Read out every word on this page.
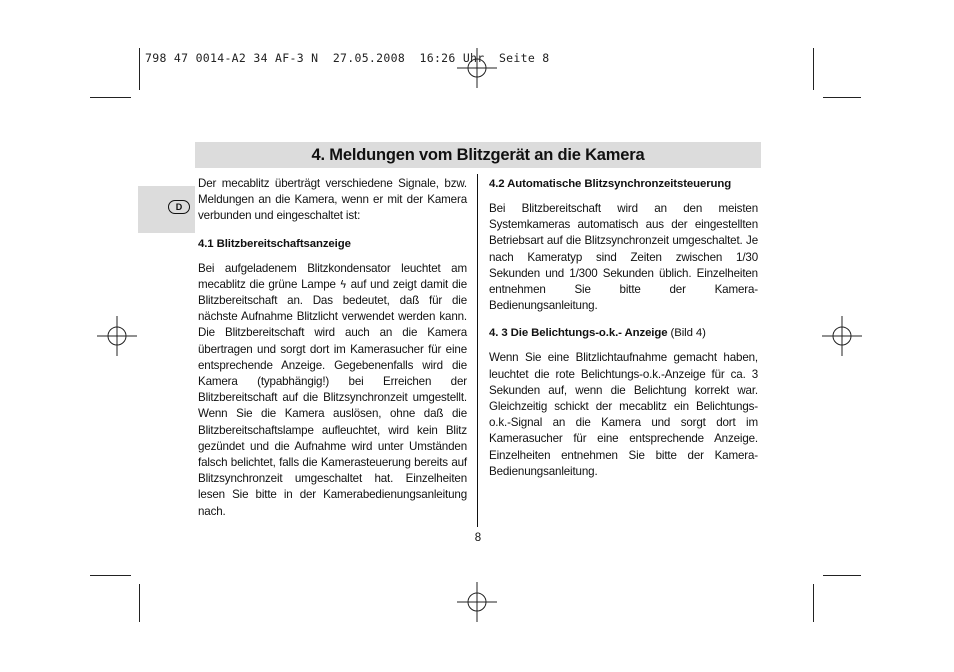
798 47 0014-A2 34 AF-3 N  27.05.2008  16:26 Uhr  Seite 8
4. Meldungen vom Blitzgerät an die Kamera
D

Der mecablitz überträgt verschiedene Signale, bzw. Meldungen an die Kamera, wenn er mit der Kamera verbunden und eingeschaltet ist:

4.1 Blitzbereitschaftsanzeige

Bei aufgeladenem Blitzkondensator leuchtet am mecablitz die grüne Lampe ϟ auf und zeigt damit die Blitzbereitschaft an. Das bedeutet, daß für die nächste Aufnahme Blitzlicht verwendet werden kann. Die Blitzbereitschaft wird auch an die Kamera übertragen und sorgt dort im Kamerasucher für eine entsprechende Anzeige. Gegebenenfalls wird die Kamera (typabhängig!) bei Erreichen der Blitzbereitschaft auf die Blitzsynchronzeit umgestellt. Wenn Sie die Kamera auslösen, ohne daß die Blitzbereitschaftslampe aufleuchtet, wird kein Blitz gezündet und die Aufnahme wird unter Umständen falsch belichtet, falls die Kamerasteuerung bereits auf Blitzsynchronzeit umgeschaltet hat. Einzelheiten lesen Sie bitte in der Kamerabedienungsanleitung nach.

4.2 Automatische Blitzsynchronzeitsteuerung

Bei Blitzbereitschaft wird an den meisten Systemkameras automatisch aus der eingestellten Betriebsart auf die Blitzsynchronzeit umgeschaltet. Je nach Kameratyp sind Zeiten zwischen 1/30 Sekunden und 1/300 Sekunden üblich. Einzelheiten entnehmen Sie bitte der Kamera-Bedienungsanleitung.

4. 3 Die Belichtungs-o.k.- Anzeige (Bild 4)

Wenn Sie eine Blitzlichtaufnahme gemacht haben, leuchtet die rote Belichtungs-o.k.-Anzeige für ca. 3 Sekunden auf, wenn die Belichtung korrekt war. Gleichzeitig schickt der mecablitz ein Belichtungs-o.k.-Signal an die Kamera und sorgt dort im Kamerasucher für eine entsprechende Anzeige. Einzelheiten entnehmen Sie bitte der Kamera-Bedienungsanleitung.

8
